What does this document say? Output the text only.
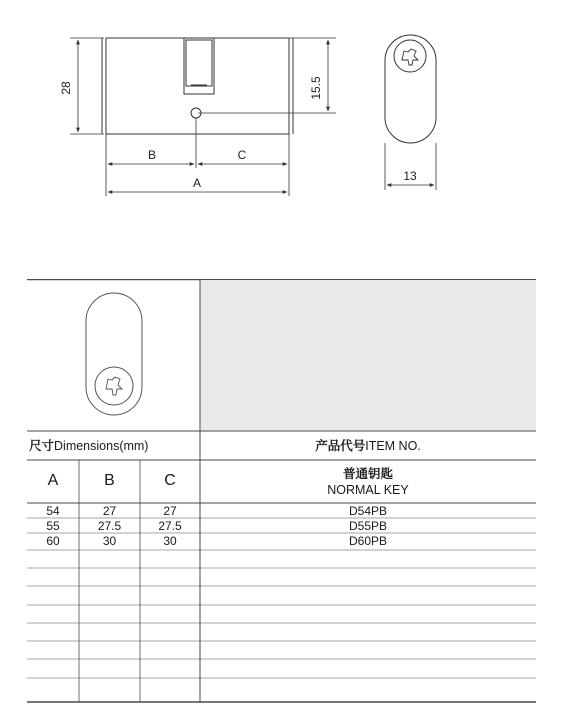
28	15.5
B	C
A	13
尺寸Dimensions(mm)	产品代号ITEM NO.
A	B	C	普通钥匙
NORMAL KEY
54	27	27	D54PB
55	27.5	27.5	D55PB
60	30	30	D60PB
